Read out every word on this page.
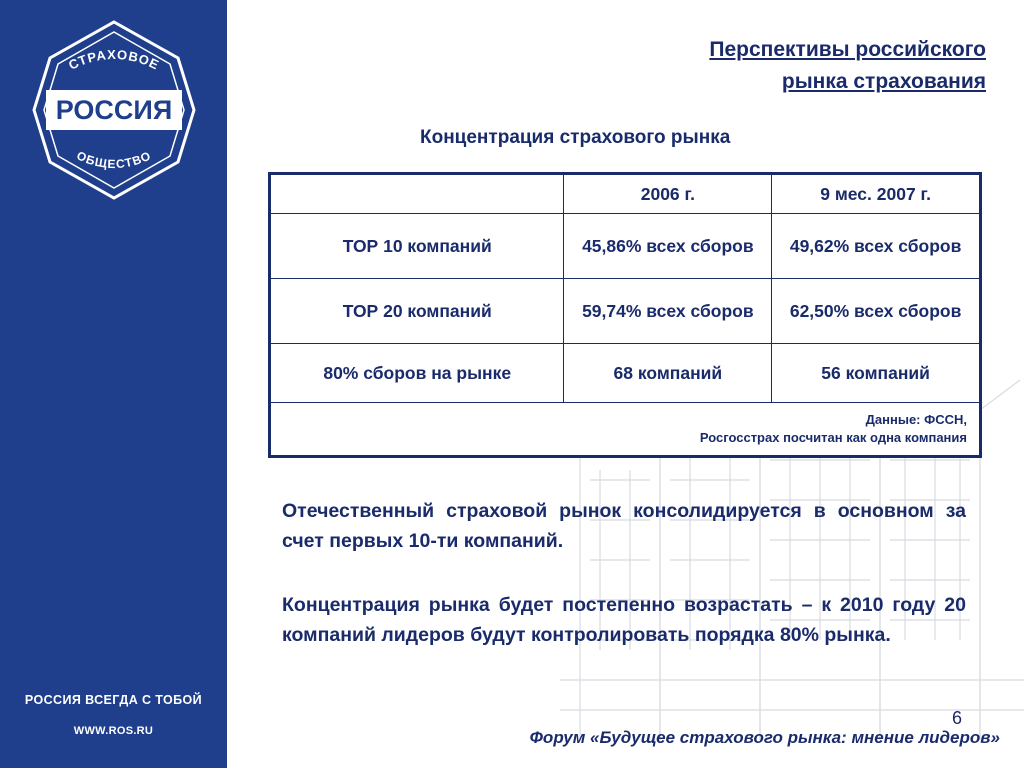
СТРАХОВОЕ
РОССИЯ
ОБЩЕСТВО
РОССИЯ ВСЕГДА С ТОБОЙ
WWW.ROS.RU
Перспективы российского
рынка страхования
Концентрация страхового рынка
	2006 г.	9 мес. 2007 г.
ТОР 10 компаний	45,86% всех сборов	49,62% всех сборов
ТОР 20 компаний	59,74% всех сборов	62,50% всех сборов
80% сборов на рынке	68 компаний	56 компаний

Данные: ФССН,
Росгосстрах посчитан как одна компания		
Отечественный страховой рынок консолидируется в основном за счет первых 10-ти компаний.
Концентрация рынка будет постепенно возрастать – к 2010 году 20 компаний лидеров будут контролировать порядка 80% рынка.
6
Форум «Будущее страхового рынка: мнение лидеров»
